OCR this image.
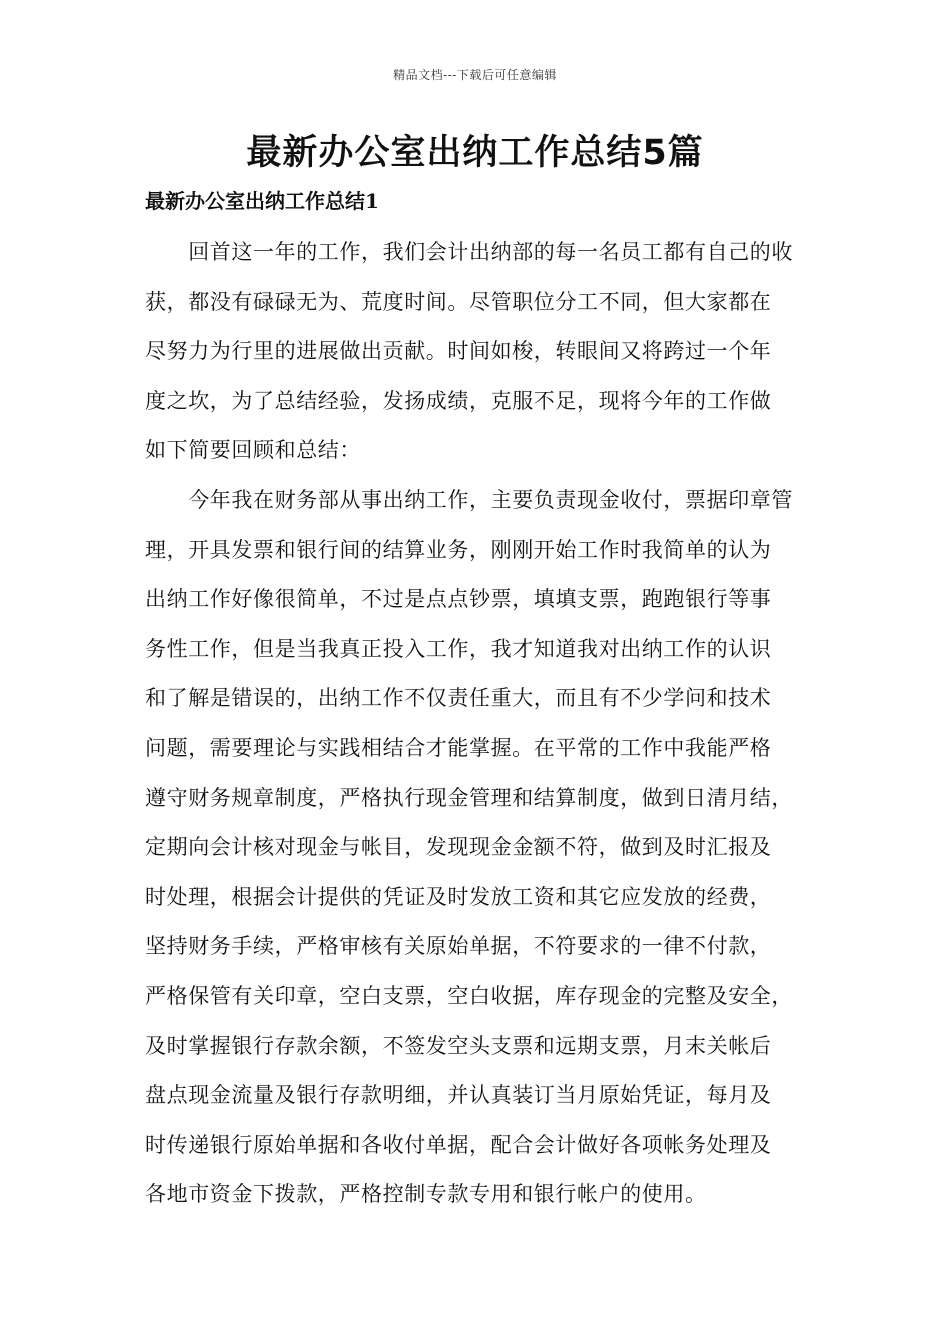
精品文档---下载后可任意编辑
最新办公室出纳工作总结5篇
最新办公室出纳工作总结1

　　回首这一年的工作，我们会计出纳部的每一名员工都有自己的收
获，都没有碌碌无为、荒度时间。尽管职位分工不同，但大家都在
尽努力为行里的进展做出贡献。时间如梭，转眼间又将跨过一个年
度之坎，为了总结经验，发扬成绩，克服不足，现将今年的工作做
如下简要回顾和总结：

　　今年我在财务部从事出纳工作，主要负责现金收付，票据印章管
理，开具发票和银行间的结算业务，刚刚开始工作时我简单的认为
出纳工作好像很简单，不过是点点钞票，填填支票，跑跑银行等事
务性工作，但是当我真正投入工作，我才知道我对出纳工作的认识
和了解是错误的，出纳工作不仅责任重大，而且有不少学问和技术
问题，需要理论与实践相结合才能掌握。在平常的工作中我能严格
遵守财务规章制度，严格执行现金管理和结算制度，做到日清月结，
定期向会计核对现金与帐目，发现现金金额不符，做到及时汇报及
时处理，根据会计提供的凭证及时发放工资和其它应发放的经费，
坚持财务手续，严格审核有关原始单据，不符要求的一律不付款，
严格保管有关印章，空白支票，空白收据，库存现金的完整及安全，
及时掌握银行存款余额，不签发空头支票和远期支票，月末关帐后
盘点现金流量及银行存款明细，并认真装订当月原始凭证，每月及
时传递银行原始单据和各收付单据，配合会计做好各项帐务处理及
各地市资金下拨款，严格控制专款专用和银行帐户的使用。
